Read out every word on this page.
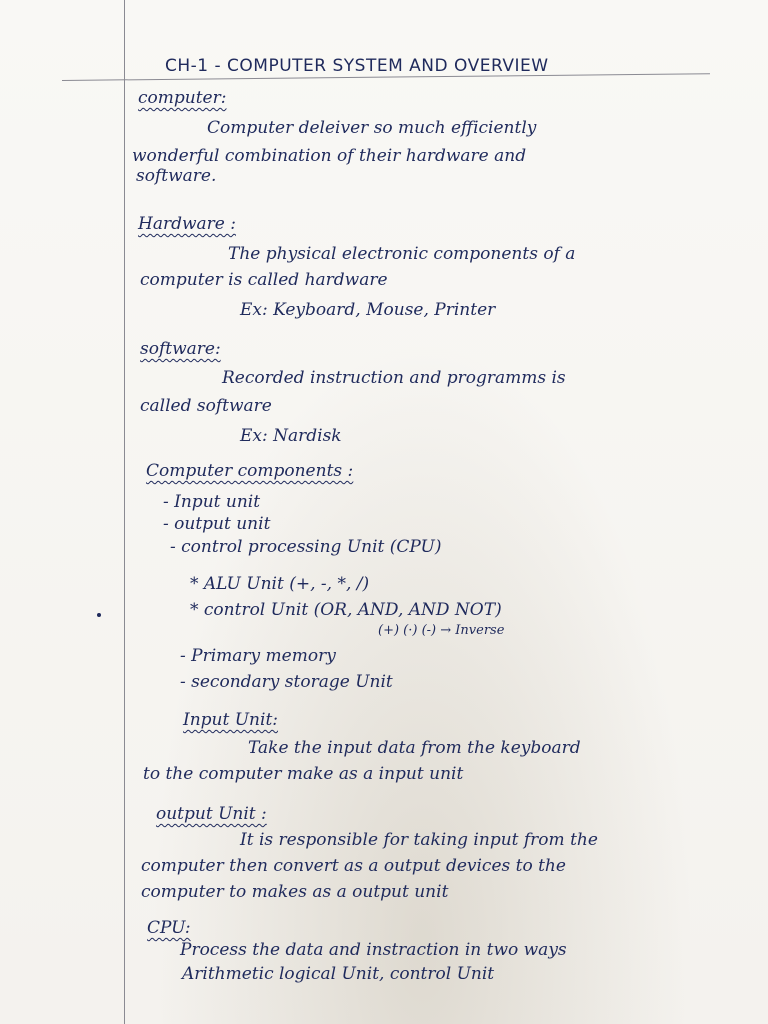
CH-1 - COMPUTER SYSTEM AND OVERVIEW
computer:
Computer deleiver so much efficiently
wonderful combination of their hardware and
software.
Hardware :
The physical electronic components of a
computer is called hardware
Ex: Keyboard, Mouse, Printer
software:
Recorded instruction and programms is
called software
Ex: Nardisk
Computer components :
- Input unit
- output unit
- control processing Unit (CPU)
* ALU Unit (+, -, *, /)
* control Unit (OR, AND, AND NOT)
(+) (·) (-) → Inverse
- Primary memory
- secondary storage Unit
Input Unit:
Take the input data from the keyboard
to the computer make as a input unit
output Unit :
It is responsible for taking input from the
computer then convert as a output devices to the
computer to makes as a output unit
CPU:
Process the data and instraction in two ways
Arithmetic logical Unit, control Unit
